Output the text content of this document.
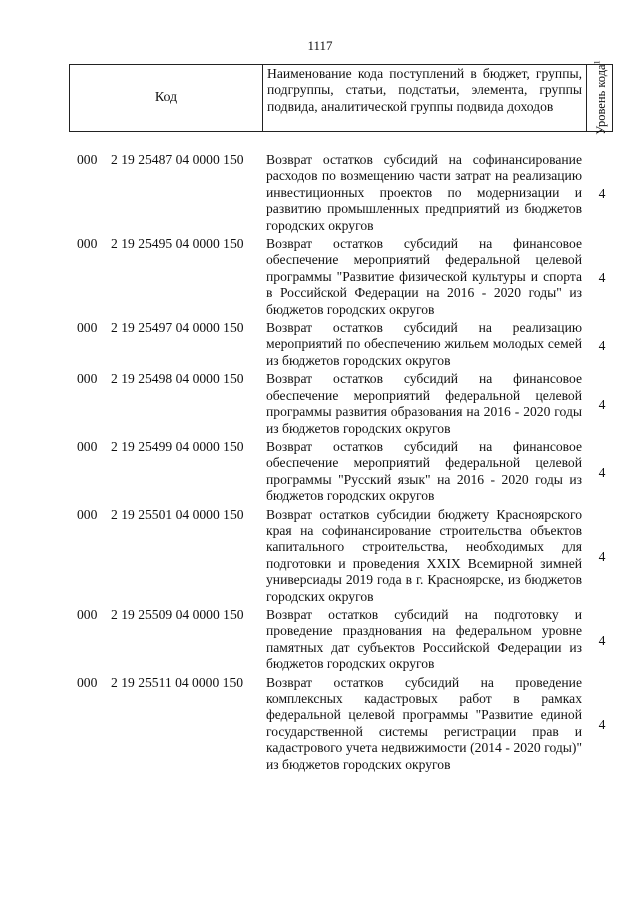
1117
Код
Наименование кода поступлений в бюджет, группы, подгруппы, статьи, подстатьи, элемента, группы подвида, аналитической группы подвида доходов	Уровень кода$^1$
000 2 19 25487 04 0000 150 Возврат остатков субсидий на софинансирование расходов по возмещению части затрат на реализацию инвестиционных проектов по модернизации и развитию промышленных предприятий из бюджетов городских округов
4
000 2 19 25495 04 0000 150 Возврат остатков субсидий на финансовое обеспечение мероприятий федеральной целевой программы "Развитие физической культуры и спорта в Российской Федерации на 2016 - 2020 годы" из бюджетов городских округов
4
000 2 19 25497 04 0000 150 Возврат остатков субсидий на реализацию мероприятий по обеспечению жильем молодых семей из бюджетов городских округов
4
000 2 19 25498 04 0000 150 Возврат остатков субсидий на финансовое обеспечение мероприятий федеральной целевой программы развития образования на 2016 - 2020 годы из бюджетов городских округов
4
000 2 19 25499 04 0000 150 Возврат остатков субсидий на финансовое обеспечение мероприятий федеральной целевой программы "Русский язык" на 2016 - 2020 годы из бюджетов городских округов
4
000 2 19 25501 04 0000 150 Возврат остатков субсидии бюджету Красноярского края на софинансирование строительства объектов капитального строительства, необходимых для подготовки и проведения XXIX Всемирной зимней универсиады 2019 года в г. Красноярске, из бюджетов городских округов
4
000 2 19 25509 04 0000 150 Возврат остатков субсидий на подготовку и проведение празднования на федеральном уровне памятных дат субъектов Российской Федерации из бюджетов городских округов
4
000 2 19 25511 04 0000 150 Возврат остатков субсидий на проведение комплексных кадастровых работ в рамках федеральной целевой программы "Развитие единой государственной системы регистрации прав и кадастрового учета недвижимости (2014 - 2020 годы)" из бюджетов городских округов
4
